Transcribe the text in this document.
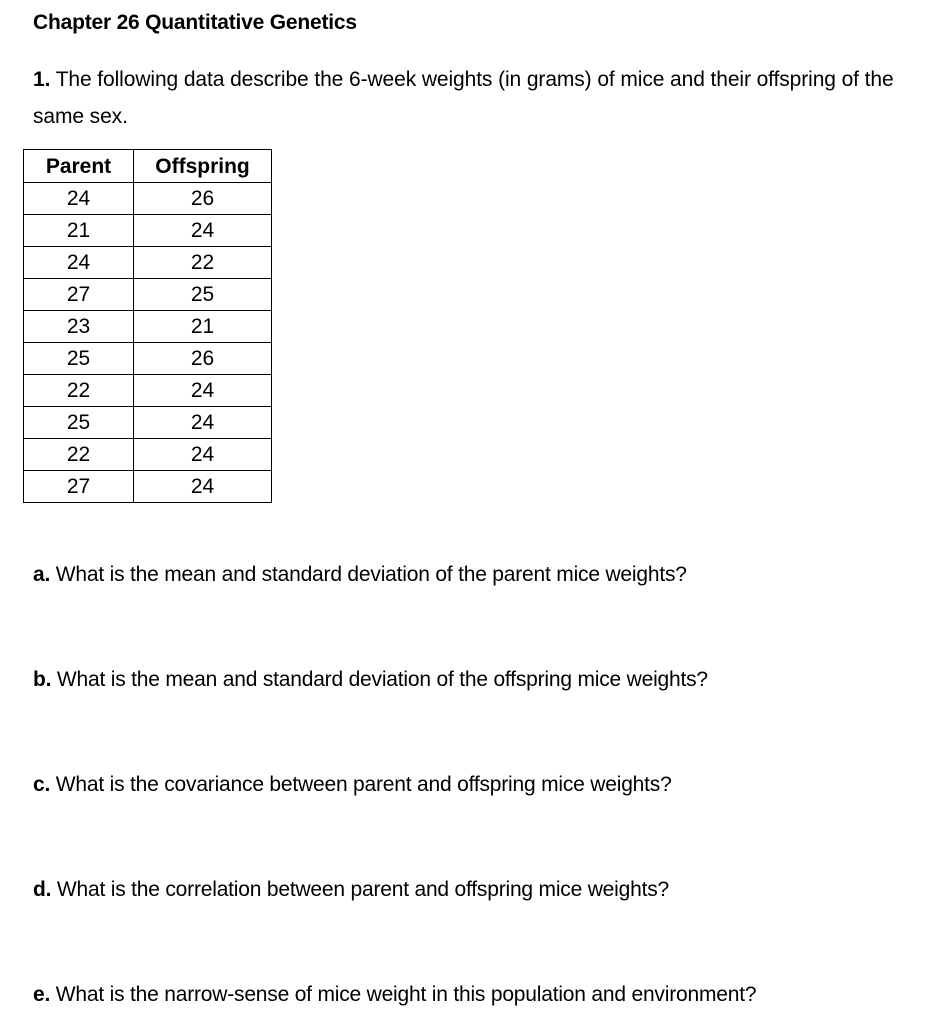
Chapter 26 Quantitative Genetics
1. The following data describe the 6-week weights (in grams) of mice and their offspring of the same sex.
Parent	Offspring
24	26
21	24
24	22
27	25
23	21
25	26
22	24
25	24
22	24
27	24
a. What is the mean and standard deviation of the parent mice weights?
b. What is the mean and standard deviation of the offspring mice weights?
c. What is the covariance between parent and offspring mice weights?
d. What is the correlation between parent and offspring mice weights?
e. What is the narrow-sense of mice weight in this population and environment?
